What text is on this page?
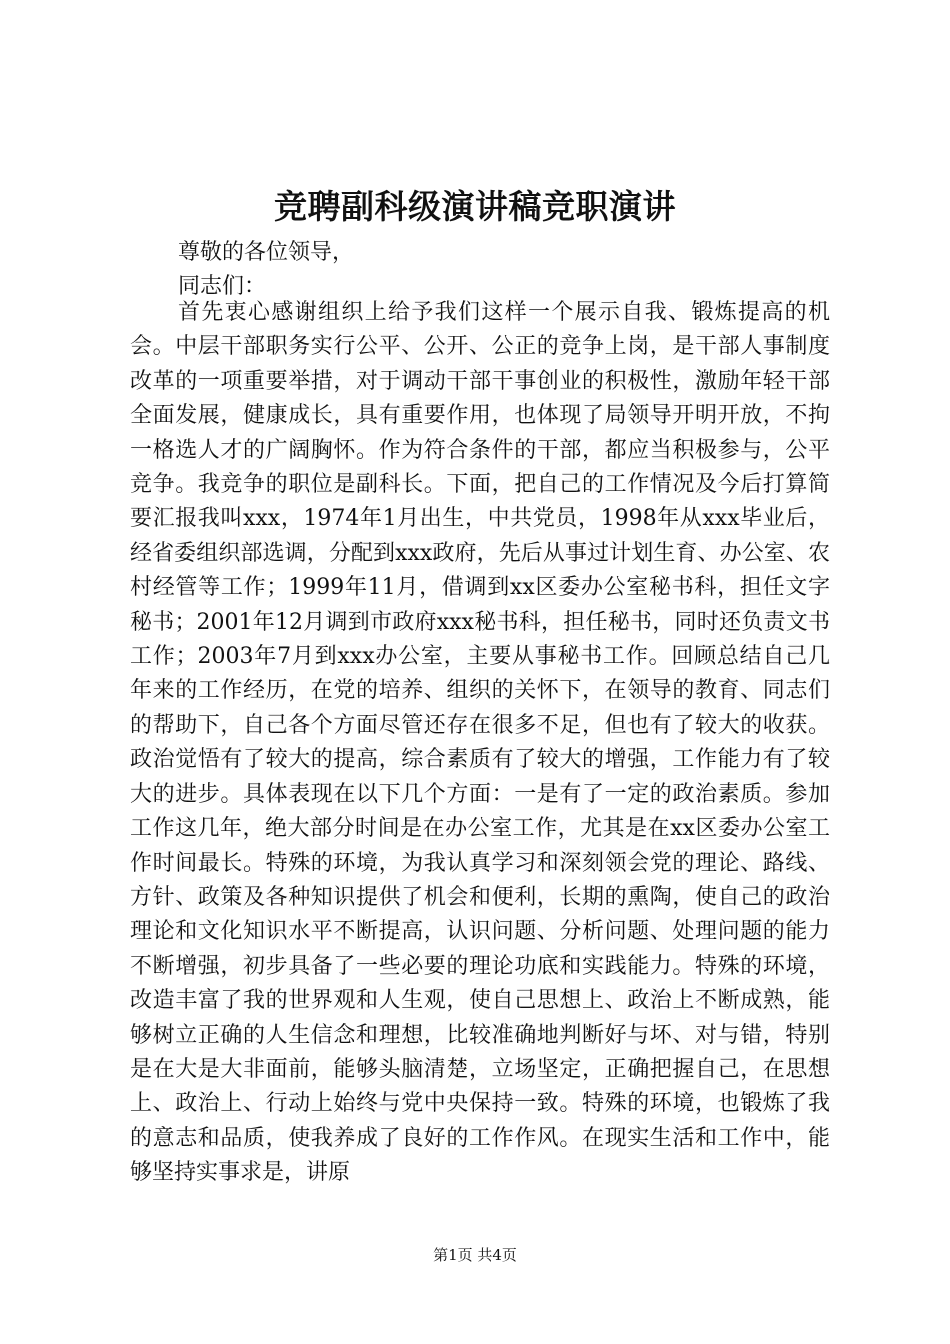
竞聘副科级演讲稿竞职演讲

尊敬的各位领导，

同志们：

首先衷心感谢组织上给予我们这样一个展示自我、锻炼提高的机会。中层干部职务实行公平、公开、公正的竞争上岗，是干部人事制度改革的一项重要举措，对于调动干部干事创业的积极性，激励年轻干部全面发展，健康成长，具有重要作用，也体现了局领导开明开放，不拘一格选人才的广阔胸怀。作为符合条件的干部，都应当积极参与，公平竞争。我竞争的职位是副科长。下面，把自己的工作情况及今后打算简要汇报我叫xxx，1974年1月出生，中共党员，1998年从xxx毕业后，经省委组织部选调，分配到xxx政府，先后从事过计划生育、办公室、农村经管等工作；1999年11月，借调到xx区委办公室秘书科，担任文字秘书；2001年12月调到市政府xxx秘书科，担任秘书，同时还负责文书工作；2003年7月到xxx办公室，主要从事秘书工作。回顾总结自己几年来的工作经历，在党的培养、组织的关怀下，在领导的教育、同志们的帮助下，自己各个方面尽管还存在很多不足，但也有了较大的收获。政治觉悟有了较大的提高，综合素质有了较大的增强，工作能力有了较大的进步。具体表现在以下几个方面：一是有了一定的政治素质。参加工作这几年，绝大部分时间是在办公室工作，尤其是在xx区委办公室工作时间最长。特殊的环境，为我认真学习和深刻领会党的理论、路线、方针、政策及各种知识提供了机会和便利，长期的熏陶，使自己的政治理论和文化知识水平不断提高，认识问题、分析问题、处理问题的能力不断增强，初步具备了一些必要的理论功底和实践能力。特殊的环境，改造丰富了我的世界观和人生观，使自己思想上、政治上不断成熟，能够树立正确的人生信念和理想，比较准确地判断好与坏、对与错，特别是在大是大非面前，能够头脑清楚，立场坚定，正确把握自己，在思想上、政治上、行动上始终与党中央保持一致。特殊的环境，也锻炼了我的意志和品质，使我养成了良好的工作作风。在现实生活和工作中，能够坚持实事求是，讲原

第1页 共4页
